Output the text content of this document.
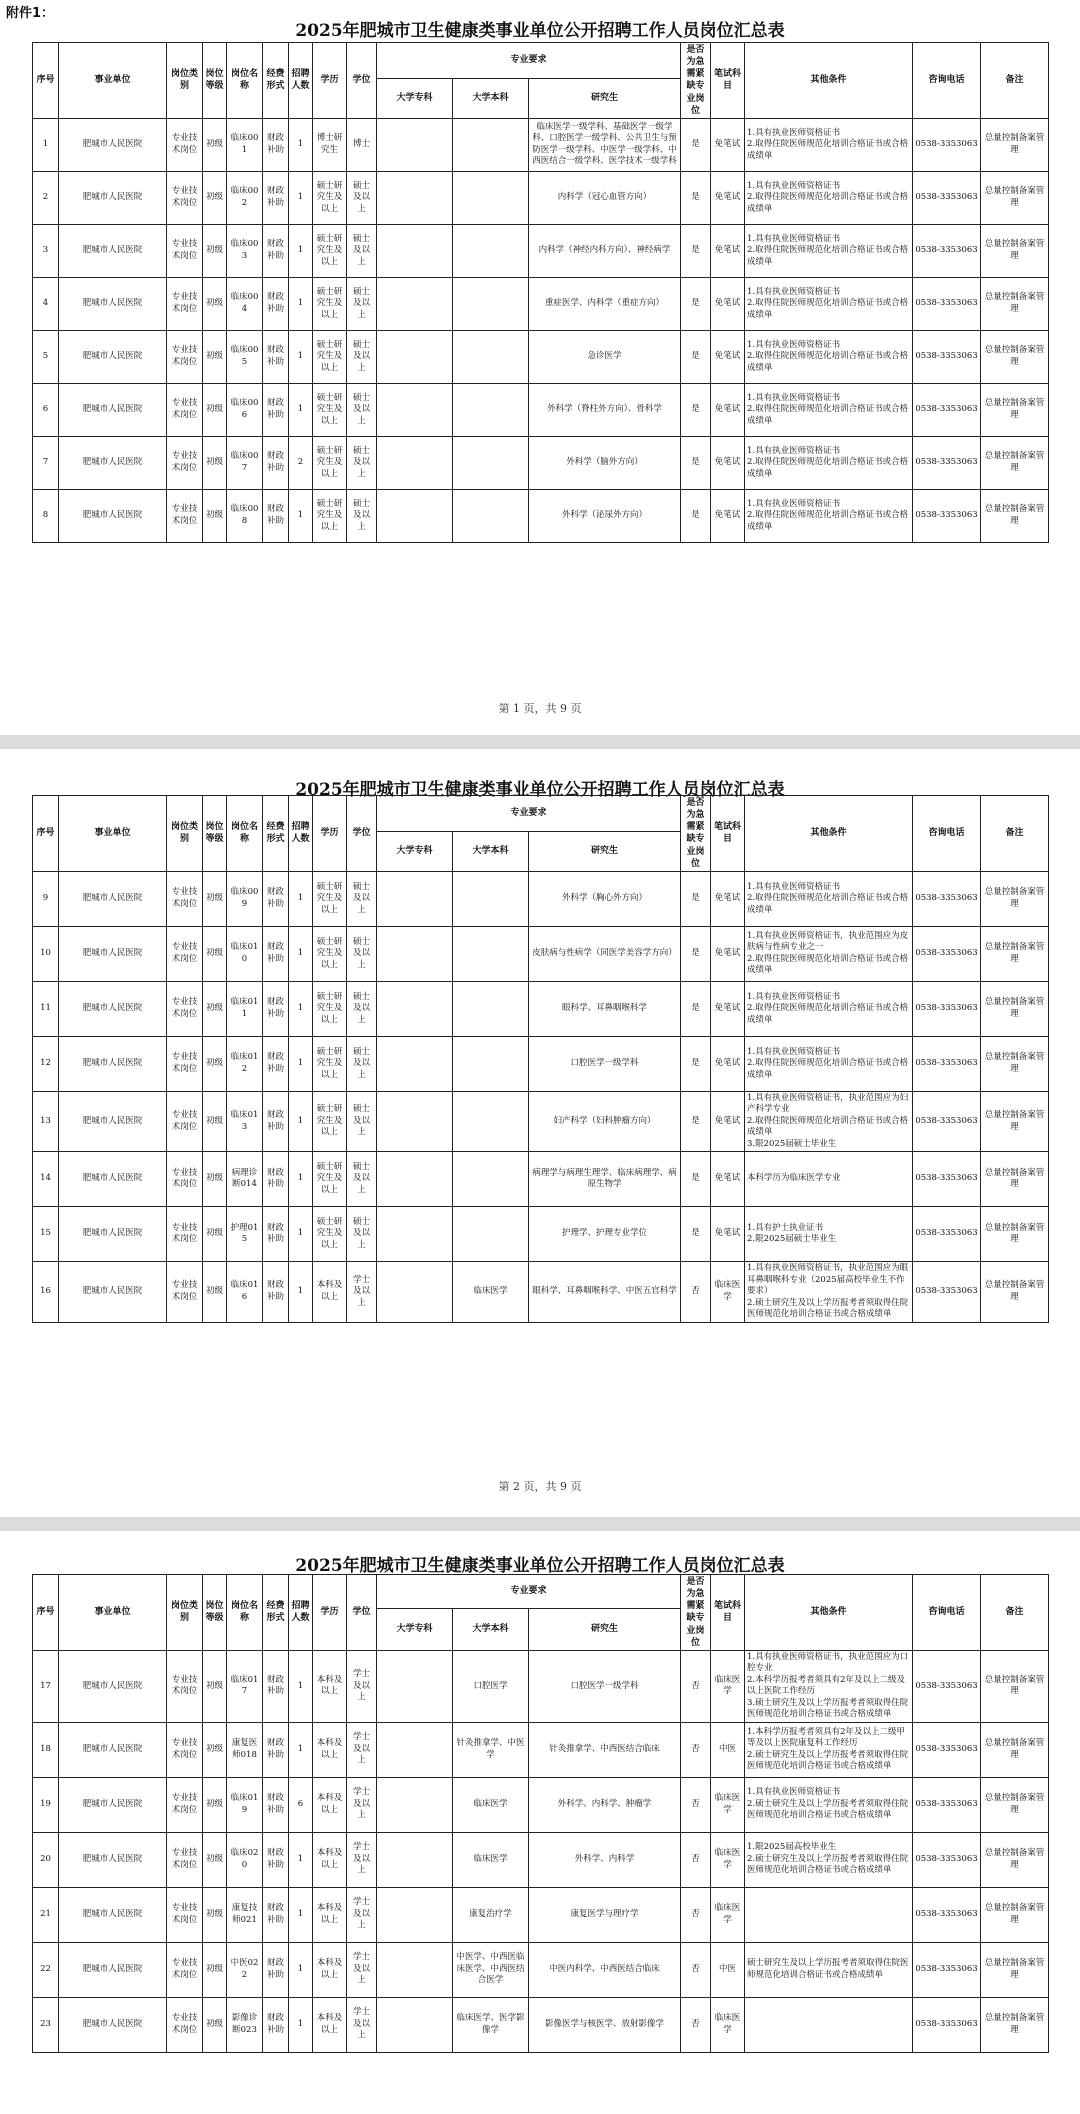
附件1：
2025年肥城市卫生健康类事业单位公开招聘工作人员岗位汇总表
序号	事业单位	岗位类别	岗位等级	岗位名称	经费形式	招聘人数	学历	学位	专业要求			是否为急需紧缺专业岗位	笔试科目	其他条件	咨询电话	备注
									大学专科	大学本科	研究生					
1	肥城市人民医院	专业技术岗位	初级	临床001	财政补助	1	博士研究生	博士			临床医学一级学科、基础医学一级学科、口腔医学一级学科、公共卫生与预防医学一级学科、中医学一级学科、中西医结合一级学科、医学技术一级学科	是	免笔试	1.具有执业医师资格证书
2.取得住院医师规范化培训合格证书或合格成绩单	0538-3353063	总量控制备案管理
2	肥城市人民医院	专业技术岗位	初级	临床002	财政补助	1	硕士研究生及以上	硕士及以上			内科学（冠心血管方向）	是	免笔试	1.具有执业医师资格证书
2.取得住院医师规范化培训合格证书或合格成绩单	0538-3353063	总量控制备案管理
3	肥城市人民医院	专业技术岗位	初级	临床003	财政补助	1	硕士研究生及以上	硕士及以上			内科学（神经内科方向）、神经病学	是	免笔试	1.具有执业医师资格证书
2.取得住院医师规范化培训合格证书或合格成绩单	0538-3353063	总量控制备案管理
4	肥城市人民医院	专业技术岗位	初级	临床004	财政补助	1	硕士研究生及以上	硕士及以上			重症医学、内科学（重症方向）	是	免笔试	1.具有执业医师资格证书
2.取得住院医师规范化培训合格证书或合格成绩单	0538-3353063	总量控制备案管理
5	肥城市人民医院	专业技术岗位	初级	临床005	财政补助	1	硕士研究生及以上	硕士及以上			急诊医学	是	免笔试	1.具有执业医师资格证书
2.取得住院医师规范化培训合格证书或合格成绩单	0538-3353063	总量控制备案管理
6	肥城市人民医院	专业技术岗位	初级	临床006	财政补助	1	硕士研究生及以上	硕士及以上			外科学（脊柱外方向）、骨科学	是	免笔试	1.具有执业医师资格证书
2.取得住院医师规范化培训合格证书或合格成绩单	0538-3353063	总量控制备案管理
7	肥城市人民医院	专业技术岗位	初级	临床007	财政补助	2	硕士研究生及以上	硕士及以上			外科学（脑外方向）	是	免笔试	1.具有执业医师资格证书
2.取得住院医师规范化培训合格证书或合格成绩单	0538-3353063	总量控制备案管理
8	肥城市人民医院	专业技术岗位	初级	临床008	财政补助	1	硕士研究生及以上	硕士及以上			外科学（泌尿外方向）	是	免笔试	1.具有执业医师资格证书
2.取得住院医师规范化培训合格证书或合格成绩单	0538-3353063	总量控制备案管理
第 1 页，共 9 页
2025年肥城市卫生健康类事业单位公开招聘工作人员岗位汇总表
序号	事业单位	岗位类别	岗位等级	岗位名称	经费形式	招聘人数	学历	学位	专业要求			是否为急需紧缺专业岗位	笔试科目	其他条件	咨询电话	备注
									大学专科	大学本科	研究生					
9	肥城市人民医院	专业技术岗位	初级	临床009	财政补助	1	硕士研究生及以上	硕士及以上			外科学（胸心外方向）	是	免笔试	1.具有执业医师资格证书
2.取得住院医师规范化培训合格证书或合格成绩单	0538-3353063	总量控制备案管理
10	肥城市人民医院	专业技术岗位	初级	临床010	财政补助	1	硕士研究生及以上	硕士及以上			皮肤病与性病学（同医学美容学方向）	是	免笔试	1.具有执业医师资格证书，执业范围应为皮肤病与性病专业之一
2.取得住院医师规范化培训合格证书或合格成绩单	0538-3353063	总量控制备案管理
11	肥城市人民医院	专业技术岗位	初级	临床011	财政补助	1	硕士研究生及以上	硕士及以上			眼科学、耳鼻咽喉科学	是	免笔试	1.具有执业医师资格证书
2.取得住院医师规范化培训合格证书或合格成绩单	0538-3353063	总量控制备案管理
12	肥城市人民医院	专业技术岗位	初级	临床012	财政补助	1	硕士研究生及以上	硕士及以上			口腔医学一级学科	是	免笔试	1.具有执业医师资格证书
2.取得住院医师规范化培训合格证书或合格成绩单	0538-3353063	总量控制备案管理
13	肥城市人民医院	专业技术岗位	初级	临床013	财政补助	1	硕士研究生及以上	硕士及以上			妇产科学（妇科肿瘤方向）	是	免笔试	1.具有执业医师资格证书，执业范围应为妇产科学专业
2.取得住院医师规范化培训合格证书或合格成绩单
3.限2025届硕士毕业生	0538-3353063	总量控制备案管理
14	肥城市人民医院	专业技术岗位	初级	病理诊断014	财政补助	1	硕士研究生及以上	硕士及以上			病理学与病理生理学、临床病理学、病原生物学	是	免笔试	本科学历为临床医学专业	0538-3353063	总量控制备案管理
15	肥城市人民医院	专业技术岗位	初级	护理015	财政补助	1	硕士研究生及以上	硕士及以上			护理学、护理专业学位	是	免笔试	1.具有护士执业证书
2.限2025届硕士毕业生	0538-3353063	总量控制备案管理
16	肥城市人民医院	专业技术岗位	初级	临床016	财政补助	1	本科及以上	学士及以上		临床医学	眼科学、耳鼻咽喉科学、中医五官科学	否	临床医学	1.具有执业医师资格证书，执业范围应为眼耳鼻咽喉科专业（2025届高校毕业生不作要求）
2.硕士研究生及以上学历报考者须取得住院医师规范化培训合格证书或合格成绩单	0538-3353063	总量控制备案管理
第 2 页，共 9 页
2025年肥城市卫生健康类事业单位公开招聘工作人员岗位汇总表
序号	事业单位	岗位类别	岗位等级	岗位名称	经费形式	招聘人数	学历	学位	专业要求			是否为急需紧缺专业岗位	笔试科目	其他条件	咨询电话	备注
									大学专科	大学本科	研究生					
17	肥城市人民医院	专业技术岗位	初级	临床017	财政补助	1	本科及以上	学士及以上		口腔医学	口腔医学一级学科	否	临床医学	1.具有执业医师资格证书，执业范围应为口腔专业
2.本科学历报考者须具有2年及以上二级及以上医院工作经历
3.硕士研究生及以上学历报考者须取得住院医师规范化培训合格证书或合格成绩单	0538-3353063	总量控制备案管理
18	肥城市人民医院	专业技术岗位	初级	康复医师018	财政补助	1	本科及以上	学士及以上		针灸推拿学、中医学	针灸推拿学、中西医结合临床	否	中医	1.本科学历报考者须具有2年及以上二级甲等及以上医院康复科工作经历
2.硕士研究生及以上学历报考者须取得住院医师规范化培训合格证书或合格成绩单	0538-3353063	总量控制备案管理
19	肥城市人民医院	专业技术岗位	初级	临床019	财政补助	6	本科及以上	学士及以上		临床医学	外科学、内科学、肿瘤学	否	临床医学	1.具有执业医师资格证书
2.硕士研究生及以上学历报考者须取得住院医师规范化培训合格证书或合格成绩单	0538-3353063	总量控制备案管理
20	肥城市人民医院	专业技术岗位	初级	临床020	财政补助	1	本科及以上	学士及以上		临床医学	外科学、内科学	否	临床医学	1.限2025届高校毕业生
2.硕士研究生及以上学历报考者须取得住院医师规范化培训合格证书或合格成绩单	0538-3353063	总量控制备案管理
21	肥城市人民医院	专业技术岗位	初级	康复技师021	财政补助	1	本科及以上	学士及以上		康复治疗学	康复医学与理疗学	否	临床医学		0538-3353063	总量控制备案管理
22	肥城市人民医院	专业技术岗位	初级	中医022	财政补助	1	本科及以上	学士及以上		中医学、中西医临床医学、中西医结合医学	中医内科学、中西医结合临床	否	中医	硕士研究生及以上学历报考者须取得住院医师规范化培训合格证书或合格成绩单	0538-3353063	总量控制备案管理
23	肥城市人民医院	专业技术岗位	初级	影像诊断023	财政补助	1	本科及以上	学士及以上		临床医学、医学影像学	影像医学与核医学、放射影像学	否	临床医学		0538-3353063	总量控制备案管理
